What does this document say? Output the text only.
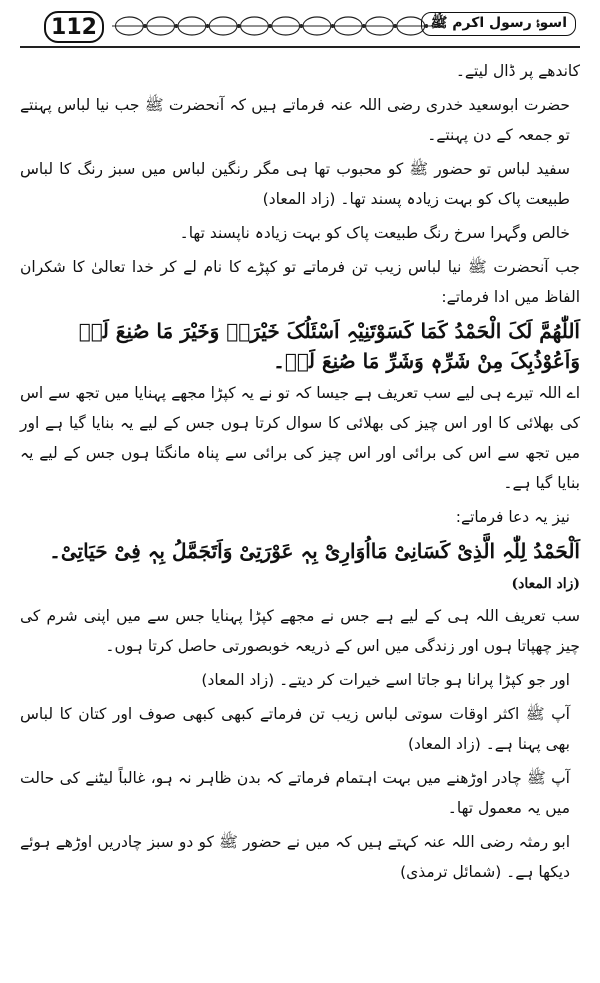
112	اسوۂ رسول اکرم ﷺ

کاندھے پر ڈال لیتے۔

حضرت ابوسعید خدری رضی اللہ عنہ فرماتے ہیں کہ آنحضرت ﷺ جب نیا لباس پہنتے تو جمعہ کے دن پہنتے۔

سفید لباس تو حضور ﷺ کو محبوب تھا ہی مگر رنگین لباس میں سبز رنگ کا لباس طبیعت پاک کو بہت زیادہ پسند تھا۔ (زاد المعاد)

خالص وگہرا سرخ رنگ طبیعت پاک کو بہت زیادہ ناپسند تھا۔

جب آنحضرت ﷺ نیا لباس زیب تن فرماتے تو کپڑے کا نام لے کر خدا تعالیٰ کا شکران الفاظ میں ادا فرماتے:

اَللّٰھُمَّ لَکَ الْحَمْدُ کَمَا کَسَوْتَنِیْہِ اَسْئَلُکَ خَیْرَہٗ وَخَیْرَ مَا صُنِعَ لَہٗ وَاَعُوْذُبِکَ مِنْ شَرِّہٖ وَشَرِّ مَا صُنِعَ لَہٗ۔

اے اللہ تیرے ہی لیے سب تعریف ہے جیسا کہ تو نے یہ کپڑا مجھے پہنایا میں تجھ سے اس کی بھلائی کا اور اس چیز کی بھلائی کا سوال کرتا ہوں جس کے لیے یہ بنایا گیا ہے اور میں تجھ سے اس کی برائی اور اس چیز کی برائی سے پناہ مانگتا ہوں جس کے لیے یہ بنایا گیا ہے۔

نیز یہ دعا فرماتے:

اَلْحَمْدُ لِلّٰہِ الَّذِیْ کَسَانِیْ مَااُوَارِیْ بِہٖ عَوْرَتِیْ وَاَتَجَمَّلُ بِہٖ فِیْ حَیَاتِیْ۔ (زاد المعاد)

سب تعریف اللہ ہی کے لیے ہے جس نے مجھے کپڑا پہنایا جس سے میں اپنی شرم کی چیز چھپاتا ہوں اور زندگی میں اس کے ذریعہ خوبصورتی حاصل کرتا ہوں۔

اور جو کپڑا پرانا ہو جاتا اسے خیرات کر دیتے۔ (زاد المعاد)

آپ ﷺ اکثر اوقات سوتی لباس زیب تن فرماتے کبھی کبھی صوف اور کتان کا لباس بھی پہنا ہے۔ (زاد المعاد)

آپ ﷺ چادر اوڑھنے میں بہت اہتمام فرماتے کہ بدن ظاہر نہ ہو، غالباً لیٹنے کی حالت میں یہ معمول تھا۔

ابو رمثہ رضی اللہ عنہ کہتے ہیں کہ میں نے حضور ﷺ کو دو سبز چادریں اوڑھے ہوئے دیکھا ہے۔ (شمائل ترمذی)
